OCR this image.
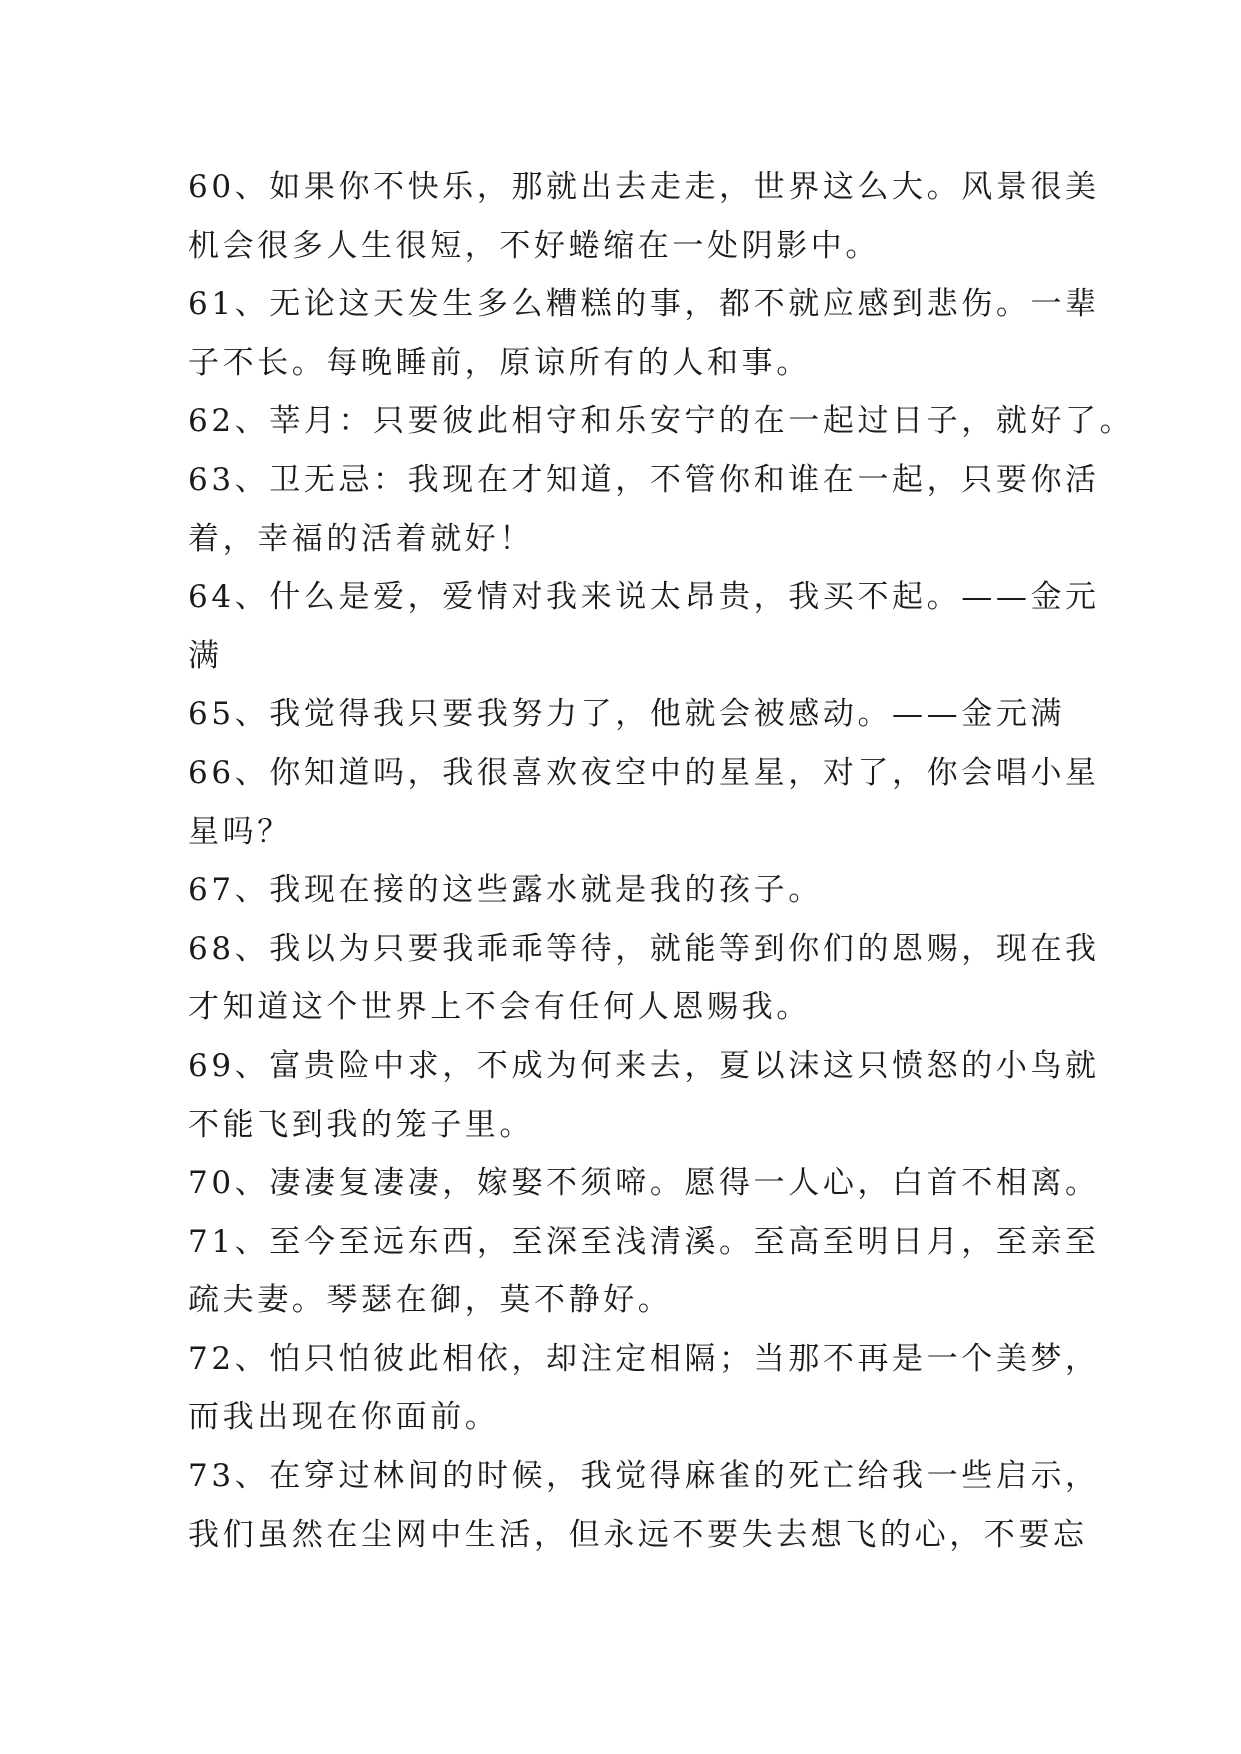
60、如果你不快乐，那就出去走走，世界这么大。风景很美
机会很多人生很短，不好蜷缩在一处阴影中。
61、无论这天发生多么糟糕的事，都不就应感到悲伤。一辈
子不长。每晚睡前，原谅所有的人和事。
62、莘月：只要彼此相守和乐安宁的在一起过日子，就好了。
63、卫无忌：我现在才知道，不管你和谁在一起，只要你活
着，幸福的活着就好！
64、什么是爱，爱情对我来说太昂贵，我买不起。——金元
满
65、我觉得我只要我努力了，他就会被感动。——金元满
66、你知道吗，我很喜欢夜空中的星星，对了，你会唱小星
星吗？
67、我现在接的这些露水就是我的孩子。
68、我以为只要我乖乖等待，就能等到你们的恩赐，现在我
才知道这个世界上不会有任何人恩赐我。
69、富贵险中求，不成为何来去，夏以沫这只愤怒的小鸟就
不能飞到我的笼子里。
70、凄凄复凄凄，嫁娶不须啼。愿得一人心，白首不相离。
71、至今至远东西，至深至浅清溪。至高至明日月，至亲至
疏夫妻。琴瑟在御，莫不静好。
72、怕只怕彼此相依，却注定相隔；当那不再是一个美梦，
而我出现在你面前。
73、在穿过林间的时候，我觉得麻雀的死亡给我一些启示，
我们虽然在尘网中生活，但永远不要失去想飞的心，不要忘
